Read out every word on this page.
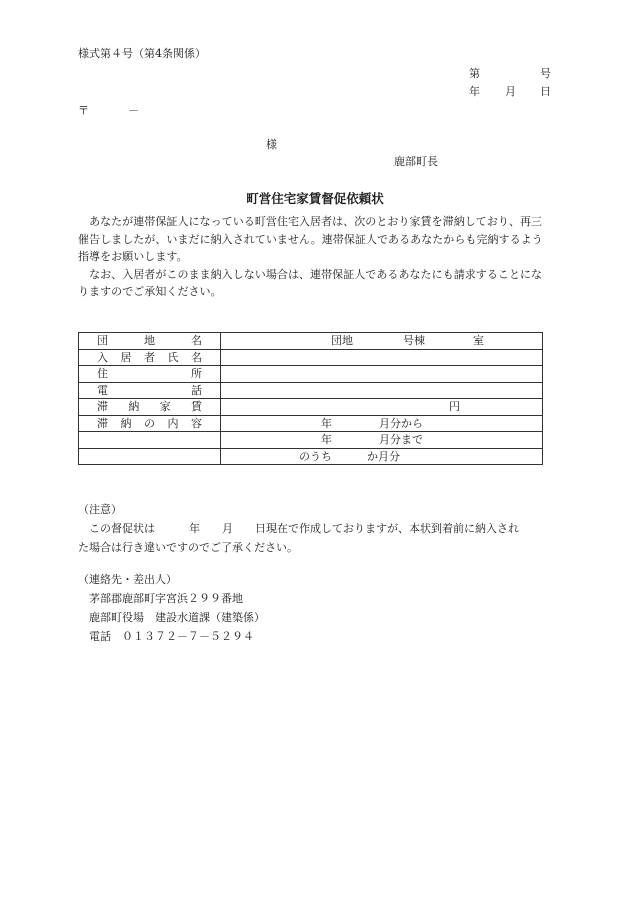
様式第４号（第4条関係）
第	号
年 月 日
〒	－
様
鹿部町長
町営住宅家賃督促依頼状

　あなたが連帯保証人になっている町営住宅入居者は、次のとおり家賃を滞納しており、再三催告しましたが、いまだに納入されていません。連帯保証人であるあなたからも完納するよう指導をお願いします。

　なお、入居者がこのまま納入しない場合は、連帯保証人であるあなたにも請求することになりますのでご承知ください。

団地名	団地 号棟 室

入居者氏名	
住所	
電話	
滞納家賃	円

滞納の内容	年 月分から

	年 月分まで

	のうち か月分

（注意）

　この督促状は	年 月 日現在で作成しておりますが、本状到着前に納入され

た場合は行き違いですのでご了承ください。

（連絡先・差出人）

　茅部郡鹿部町字宮浜２９９番地

　鹿部町役場　建設水道課（建築係）

　電話　０１３７２－７－５２９４
